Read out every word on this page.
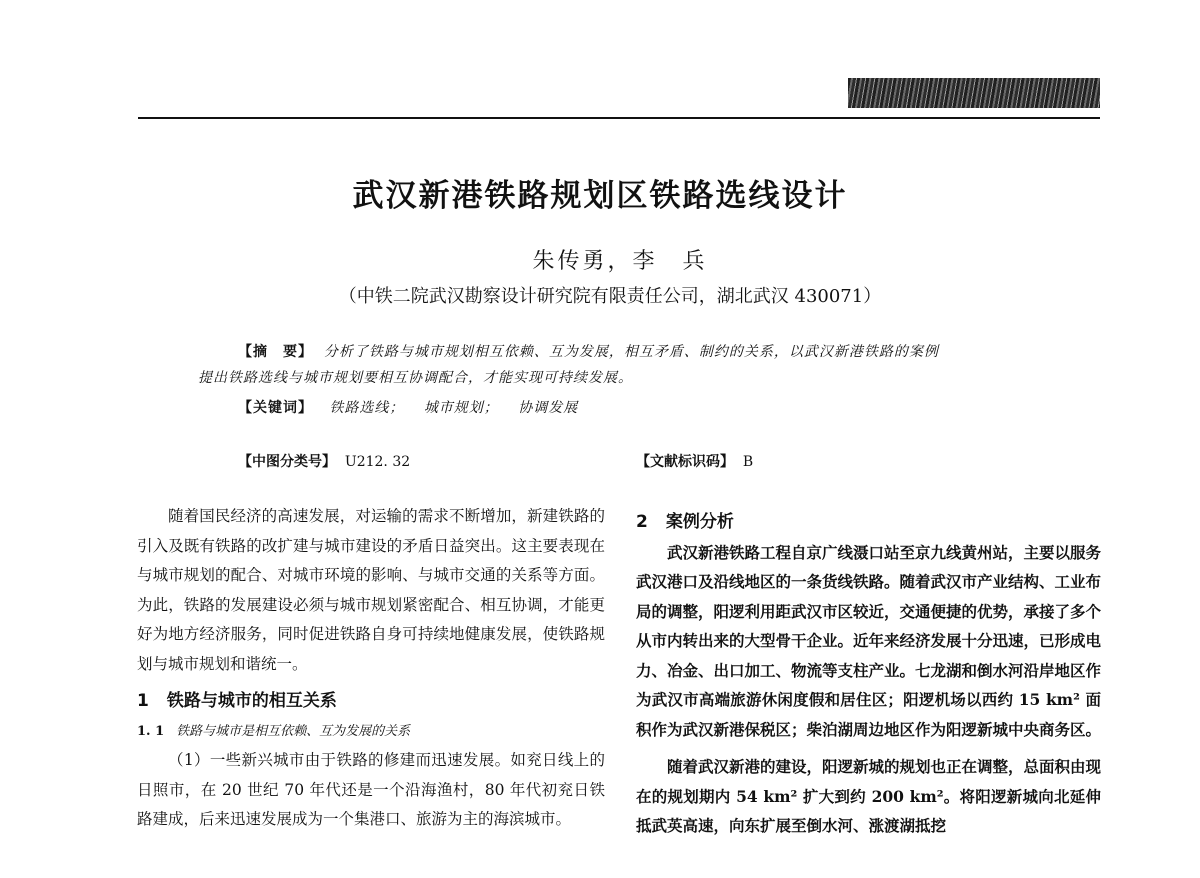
武汉新港铁路规划区铁路选线设计
朱传勇，李　兵
（中铁二院武汉勘察设计研究院有限责任公司，湖北武汉 430071）
【摘　要】 分析了铁路与城市规划相互依赖、互为发展，相互矛盾、制约的关系，以武汉新港铁路的案例
提出铁路选线与城市规划要相互协调配合，才能实现可持续发展。
【关键词】 铁路选线； 城市规划； 协调发展
【中图分类号】 U212. 32	【文献标识码】 B

随着国民经济的高速发展，对运输的需求不断增加，新建铁路的引入及既有铁路的改扩建与城市建设的矛盾日益突出。这主要表现在与城市规划的配合、对城市环境的影响、与城市交通的关系等方面。为此，铁路的发展建设必须与城市规划紧密配合、相互协调，才能更好为地方经济服务，同时促进铁路自身可持续地健康发展，使铁路规划与城市规划和谐统一。

1 铁路与城市的相互关系

1. 1 铁路与城市是相互依赖、互为发展的关系

（1）一些新兴城市由于铁路的修建而迅速发展。如兖日线上的日照市，在 20 世纪 70 年代还是一个沿海渔村，80 年代初兖日铁路建成，后来迅速发展成为一个集港口、旅游为主的海滨城市。

2 案例分析

武汉新港铁路工程自京广线滠口站至京九线黄州站，主要以服务武汉港口及沿线地区的一条货线铁路。随着武汉市产业结构、工业布局的调整，阳逻利用距武汉市区较近，交通便捷的优势，承接了多个从市内转出来的大型骨干企业。近年来经济发展十分迅速，已形成电力、冶金、出口加工、物流等支柱产业。七龙湖和倒水河沿岸地区作为武汉市高端旅游休闲度假和居住区；阳逻机场以西约 15 km² 面积作为武汉新港保税区；柴泊湖周边地区作为阳逻新城中央商务区。

随着武汉新港的建设，阳逻新城的规划也正在调整，总面积由现在的规划期内 54 km² 扩大到约 200 km²。将阳逻新城向北延伸抵武英高速，向东扩展至倒水河、涨渡湖抵挖
